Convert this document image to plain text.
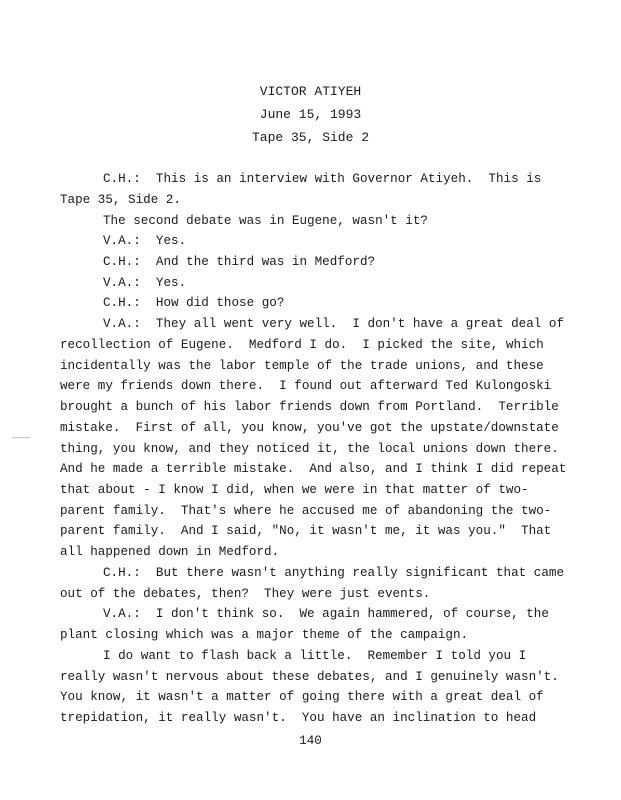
VICTOR ATIYEH
June 15, 1993
Tape 35, Side 2
C.H.:  This is an interview with Governor Atiyeh.  This is
Tape 35, Side 2.
The second debate was in Eugene, wasn't it?
V.A.:  Yes.
C.H.:  And the third was in Medford?
V.A.:  Yes.
C.H.:  How did those go?
V.A.:  They all went very well.  I don't have a great deal of
recollection of Eugene.  Medford I do.  I picked the site, which
incidentally was the labor temple of the trade unions, and these
were my friends down there.  I found out afterward Ted Kulongoski
brought a bunch of his labor friends down from Portland.  Terrible
mistake.  First of all, you know, you've got the upstate/downstate
thing, you know, and they noticed it, the local unions down there.
And he made a terrible mistake.  And also, and I think I did repeat
that about - I know I did, when we were in that matter of two-
parent family.  That's where he accused me of abandoning the two-
parent family.  And I said, "No, it wasn't me, it was you."  That
all happened down in Medford.
C.H.:  But there wasn't anything really significant that came
out of the debates, then?  They were just events.
V.A.:  I don't think so.  We again hammered, of course, the
plant closing which was a major theme of the campaign.
I do want to flash back a little.  Remember I told you I
really wasn't nervous about these debates, and I genuinely wasn't.
You know, it wasn't a matter of going there with a great deal of
trepidation, it really wasn't.  You have an inclination to head
140
